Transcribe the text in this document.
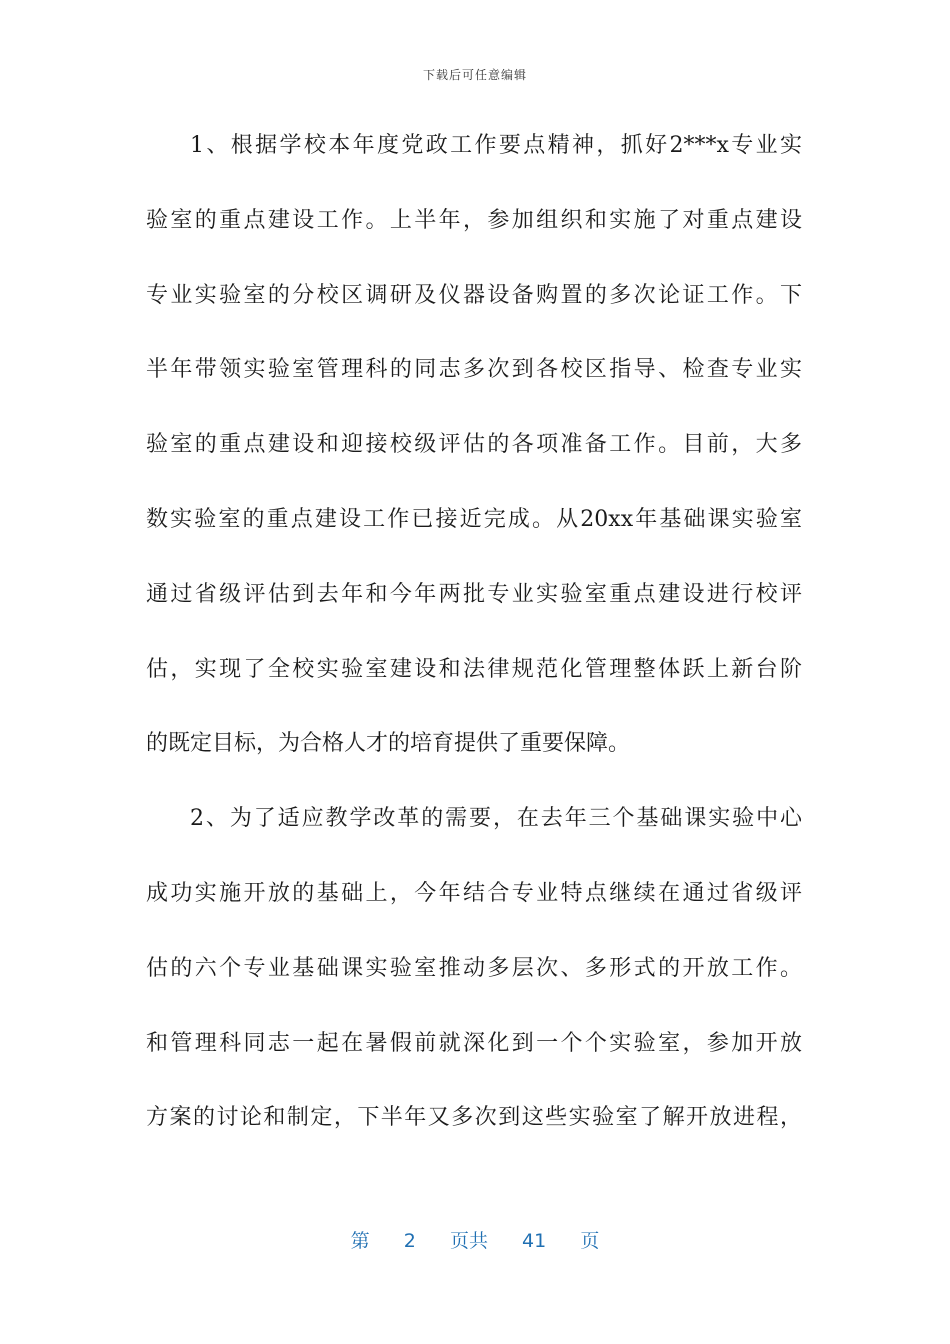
下载后可任意编辑
1、根据学校本年度党政工作要点精神，抓好2***x专业实
验室的重点建设工作。上半年，参加组织和实施了对重点建设
专业实验室的分校区调研及仪器设备购置的多次论证工作。下
半年带领实验室管理科的同志多次到各校区指导、检查专业实
验室的重点建设和迎接校级评估的各项准备工作。目前，大多
数实验室的重点建设工作已接近完成。从20xx年基础课实验室
通过省级评估到去年和今年两批专业实验室重点建设进行校评
估，实现了全校实验室建设和法律规范化管理整体跃上新台阶
的既定目标，为合格人才的培育提供了重要保障。
2、为了适应教学改革的需要，在去年三个基础课实验中心
成功实施开放的基础上，今年结合专业特点继续在通过省级评
估的六个专业基础课实验室推动多层次、多形式的开放工作。
和管理科同志一起在暑假前就深化到一个个实验室，参加开放
方案的讨论和制定，下半年又多次到这些实验室了解开放进程，
第 2 页共 41 页
